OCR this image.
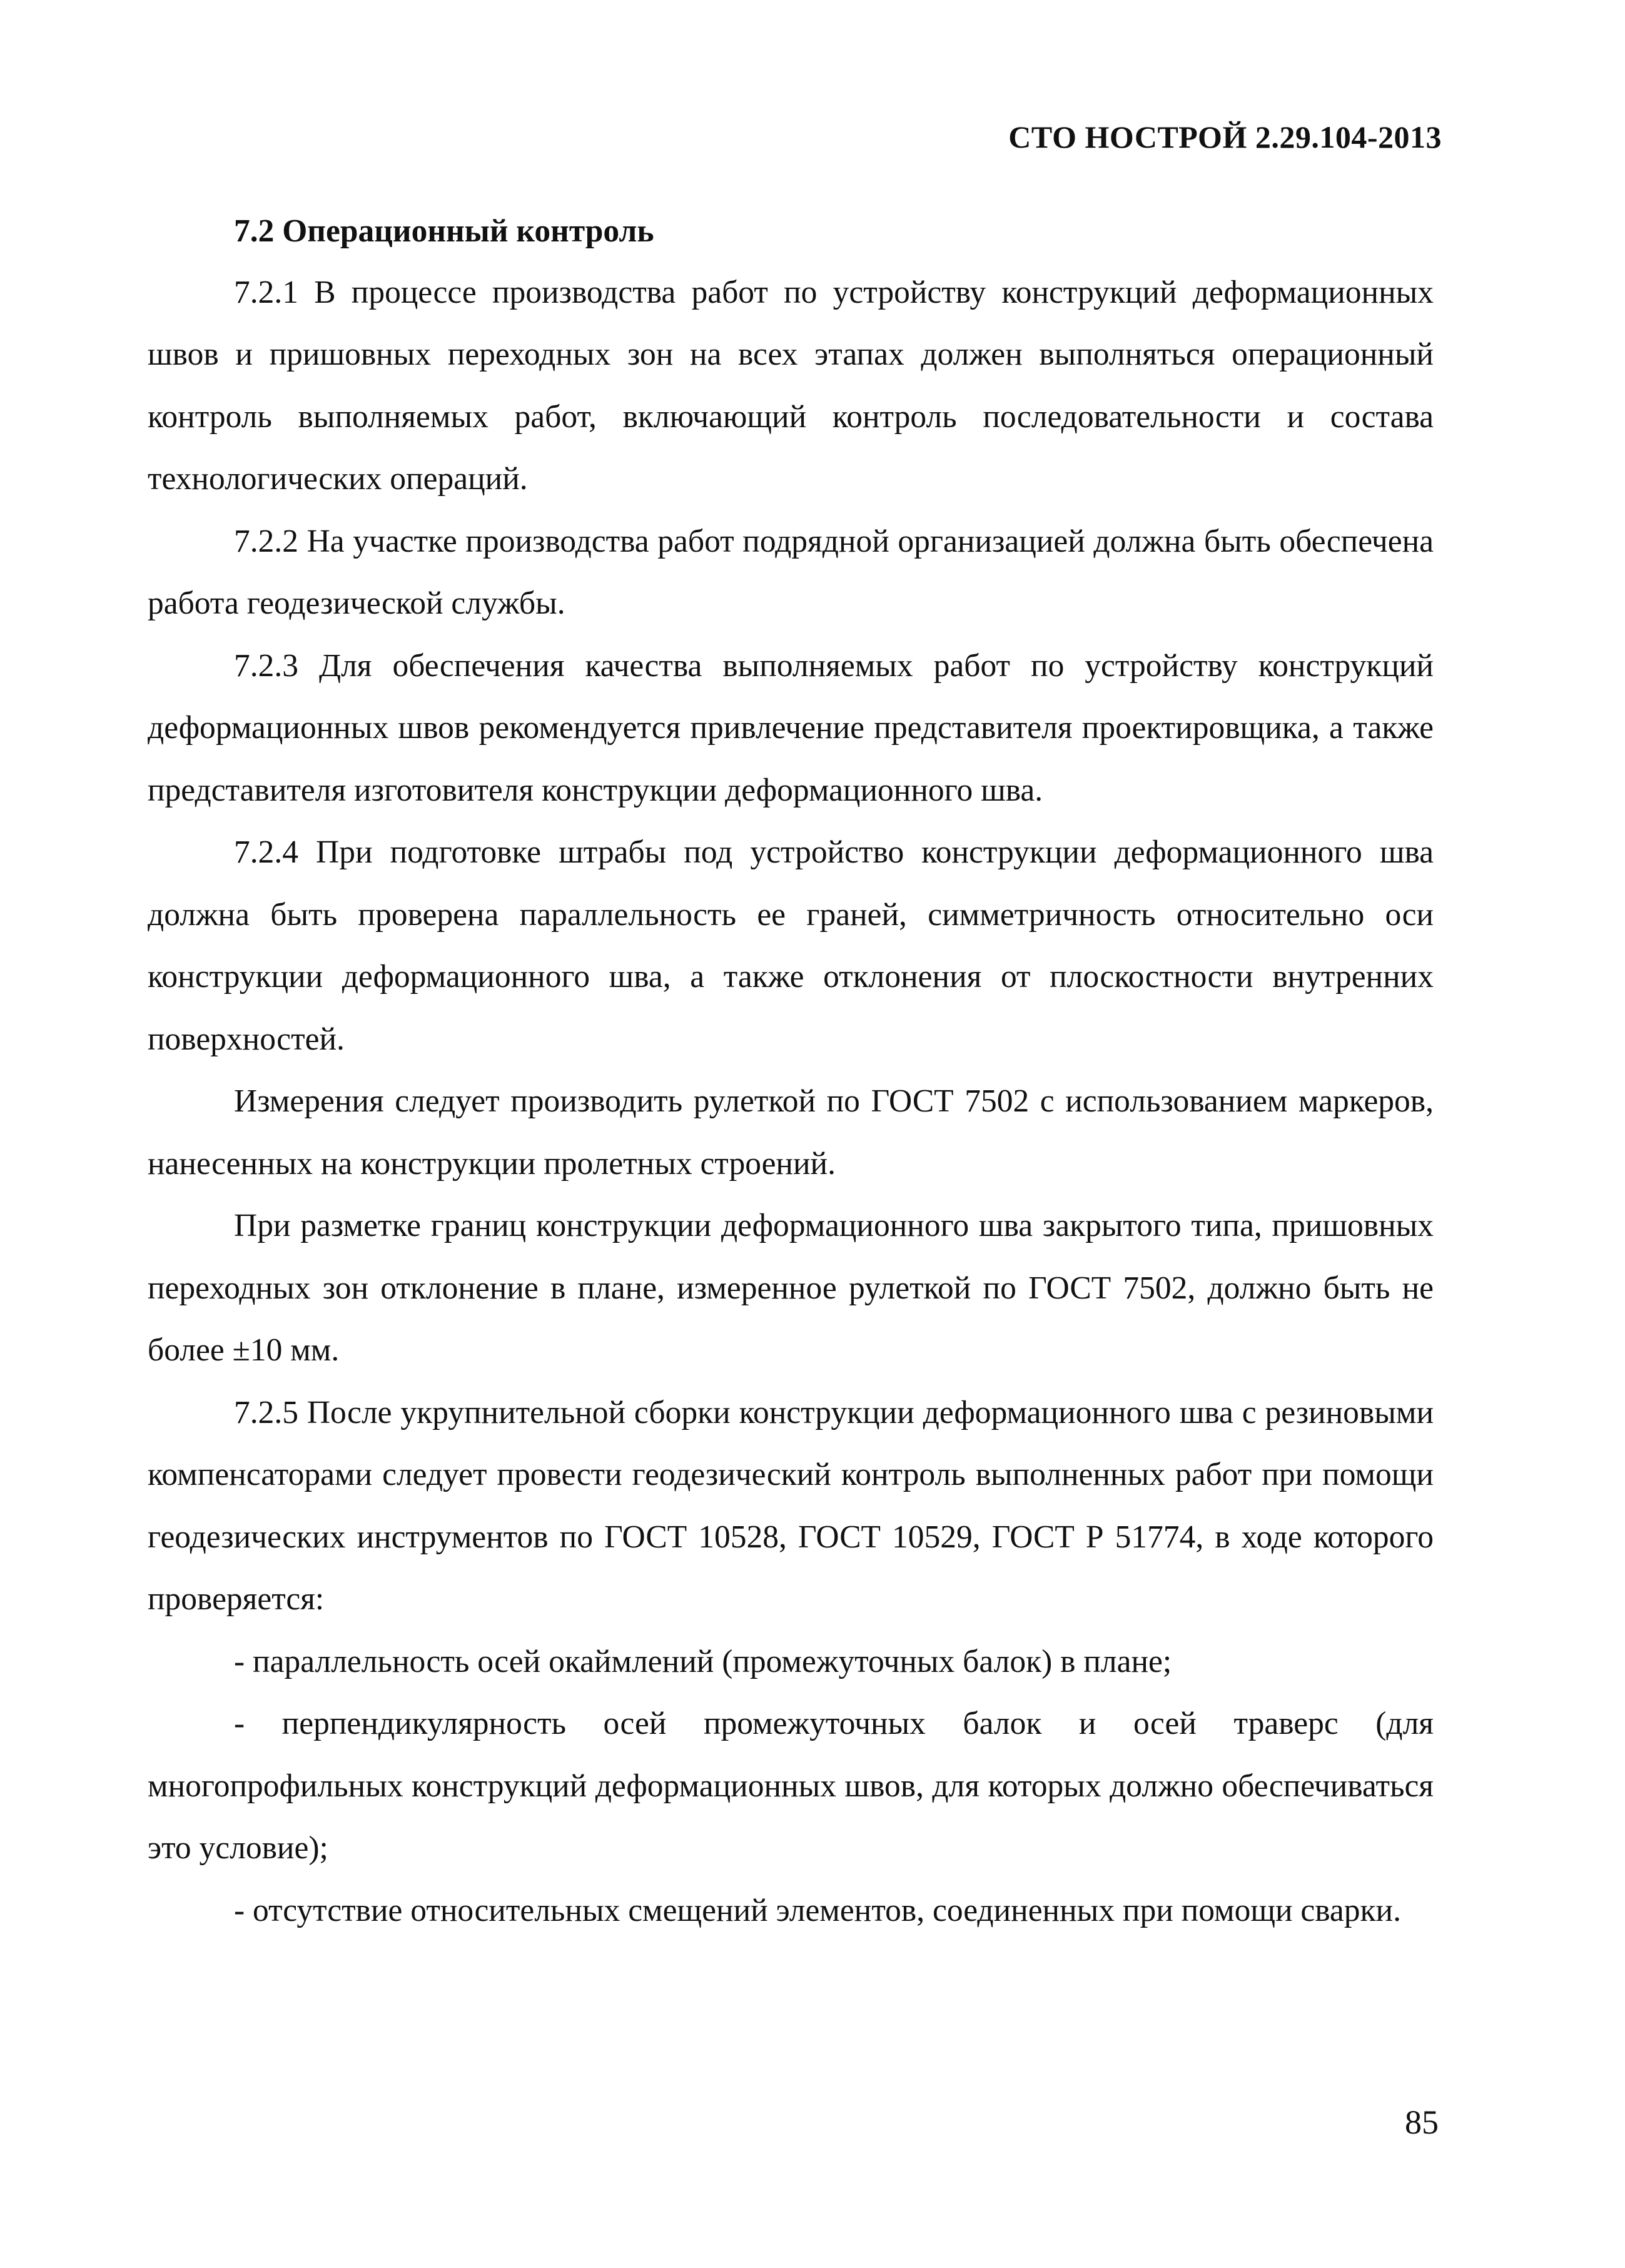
СТО НОСТРОЙ 2.29.104-2013
7.2 Операционный контроль

7.2.1 В процессе производства работ по устройству конструкций деформационных швов и пришовных переходных зон на всех этапах должен выполняться операционный контроль выполняемых работ, включающий контроль последовательности и состава технологических операций.

7.2.2 На участке производства работ подрядной организацией должна быть обеспечена работа геодезической службы.

7.2.3 Для обеспечения качества выполняемых работ по устройству конструкций деформационных швов рекомендуется привлечение представителя проектировщика, а также представителя изготовителя конструкции деформационного шва.

7.2.4 При подготовке штрабы под устройство конструкции деформационного шва должна быть проверена параллельность ее граней, симметричность относительно оси конструкции деформационного шва, а также отклонения от плоскостности внутренних поверхностей.

Измерения следует производить рулеткой по ГОСТ 7502 с использованием маркеров, нанесенных на конструкции пролетных строений.

При разметке границ конструкции деформационного шва закрытого типа, пришовных переходных зон отклонение в плане, измеренное рулеткой по ГОСТ 7502, должно быть не более ±10 мм.

7.2.5 После укрупнительной сборки конструкции деформационного шва с резиновыми компенсаторами следует провести геодезический контроль выполненных работ при помощи геодезических инструментов по ГОСТ 10528, ГОСТ 10529, ГОСТ Р 51774, в ходе которого проверяется:

- параллельность осей окаймлений (промежуточных балок) в плане;

- перпендикулярность осей промежуточных балок и осей траверс (для многопрофильных конструкций деформационных швов, для которых должно обеспечиваться это условие);

- отсутствие относительных смещений элементов, соединенных при помощи сварки.

85
